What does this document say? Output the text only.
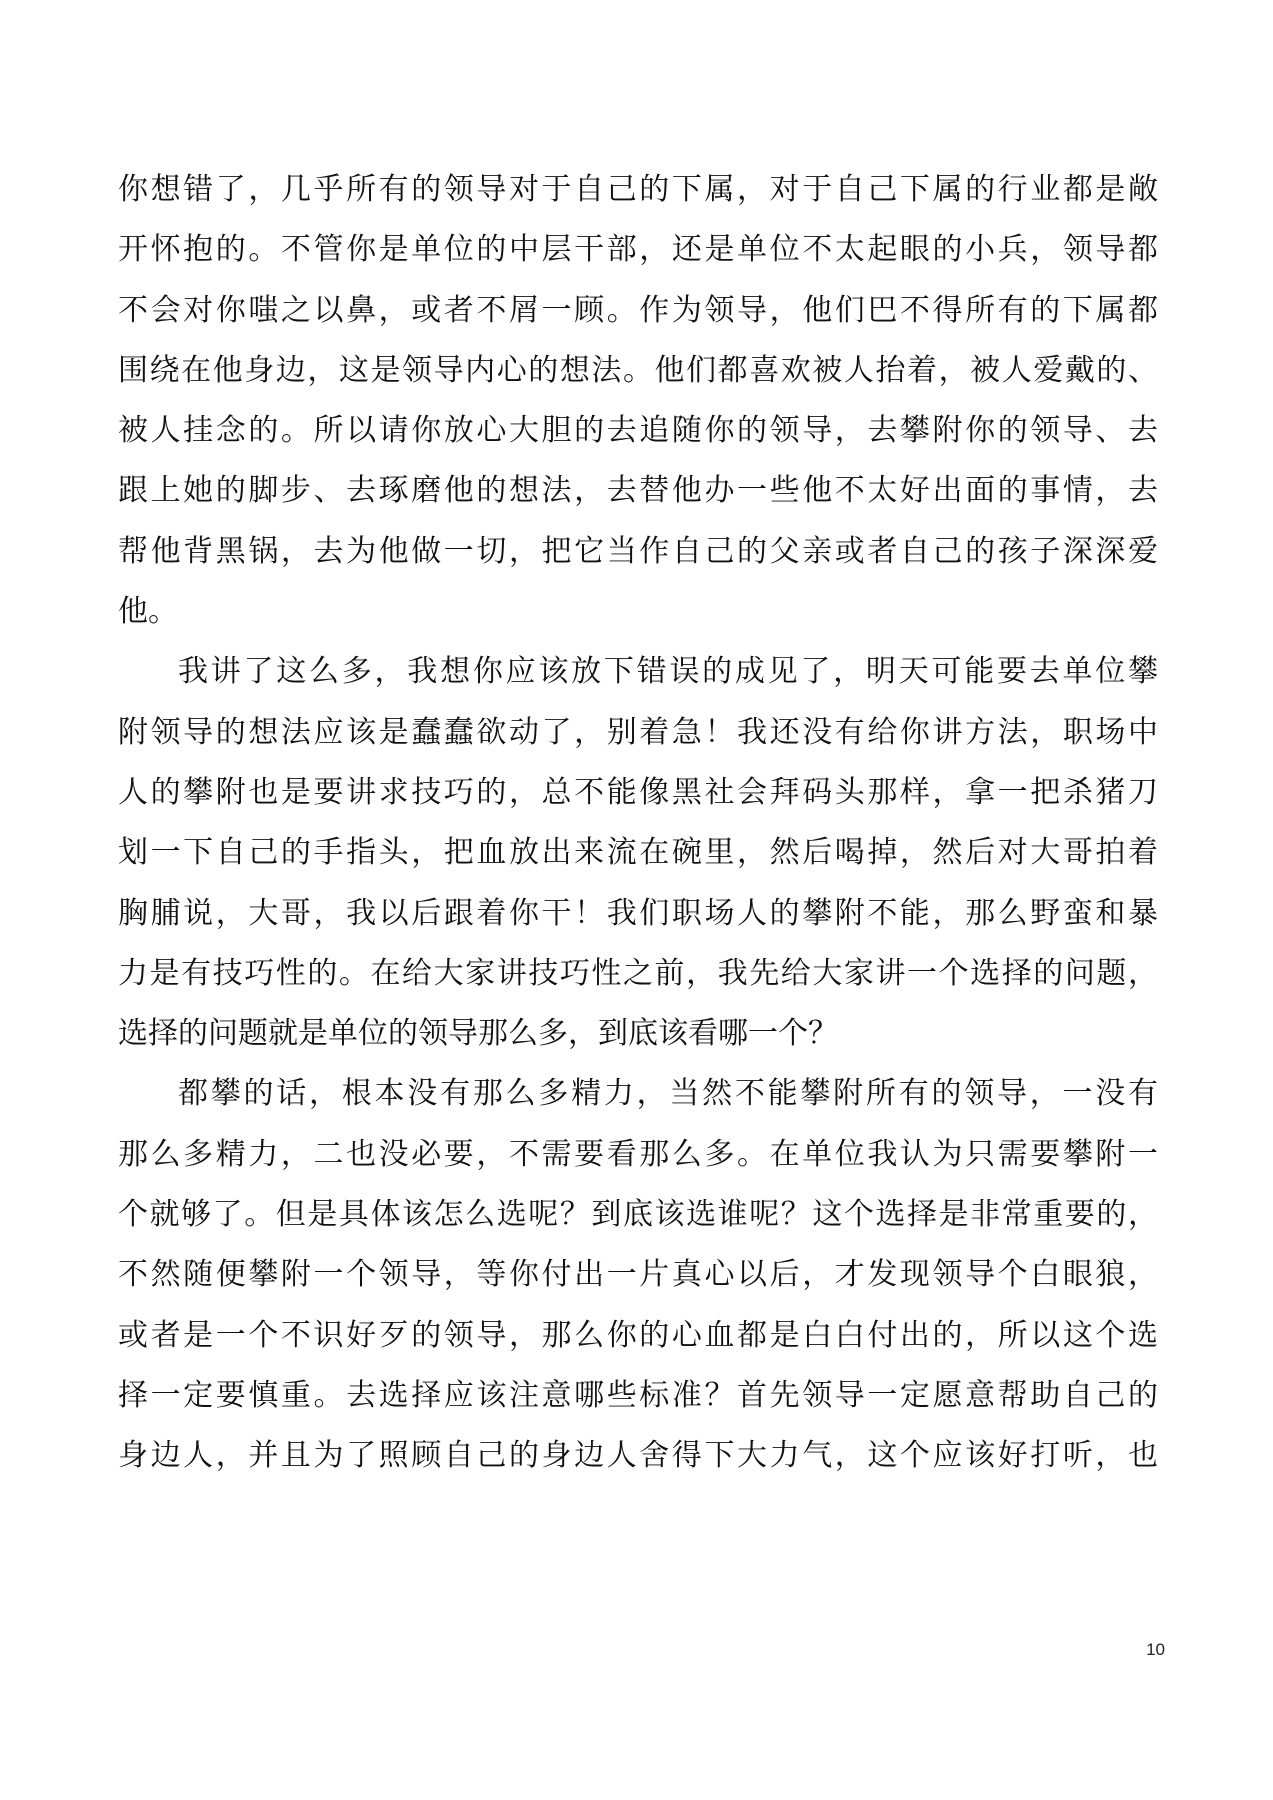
你想错了，几乎所有的领导对于自己的下属，对于自己下属的行业都是敞
开怀抱的。不管你是单位的中层干部，还是单位不太起眼的小兵，领导都
不会对你嗤之以鼻，或者不屑一顾。作为领导，他们巴不得所有的下属都
围绕在他身边，这是领导内心的想法。他们都喜欢被人抬着，被人爱戴的、
被人挂念的。所以请你放心大胆的去追随你的领导，去攀附你的领导、去
跟上她的脚步、去琢磨他的想法，去替他办一些他不太好出面的事情，去
帮他背黑锅，去为他做一切，把它当作自己的父亲或者自己的孩子深深爱
他。
我讲了这么多，我想你应该放下错误的成见了，明天可能要去单位攀
附领导的想法应该是蠢蠢欲动了，别着急！我还没有给你讲方法，职场中
人的攀附也是要讲求技巧的，总不能像黑社会拜码头那样，拿一把杀猪刀
划一下自己的手指头，把血放出来流在碗里，然后喝掉，然后对大哥拍着
胸脯说，大哥，我以后跟着你干！我们职场人的攀附不能，那么野蛮和暴
力是有技巧性的。在给大家讲技巧性之前，我先给大家讲一个选择的问题，
选择的问题就是单位的领导那么多，到底该看哪一个？
都攀的话，根本没有那么多精力，当然不能攀附所有的领导，一没有
那么多精力，二也没必要，不需要看那么多。在单位我认为只需要攀附一
个就够了。但是具体该怎么选呢？到底该选谁呢？这个选择是非常重要的，
不然随便攀附一个领导，等你付出一片真心以后，才发现领导个白眼狼，
或者是一个不识好歹的领导，那么你的心血都是白白付出的，所以这个选
择一定要慎重。去选择应该注意哪些标准？首先领导一定愿意帮助自己的
身边人，并且为了照顾自己的身边人舍得下大力气，这个应该好打听，也
10
